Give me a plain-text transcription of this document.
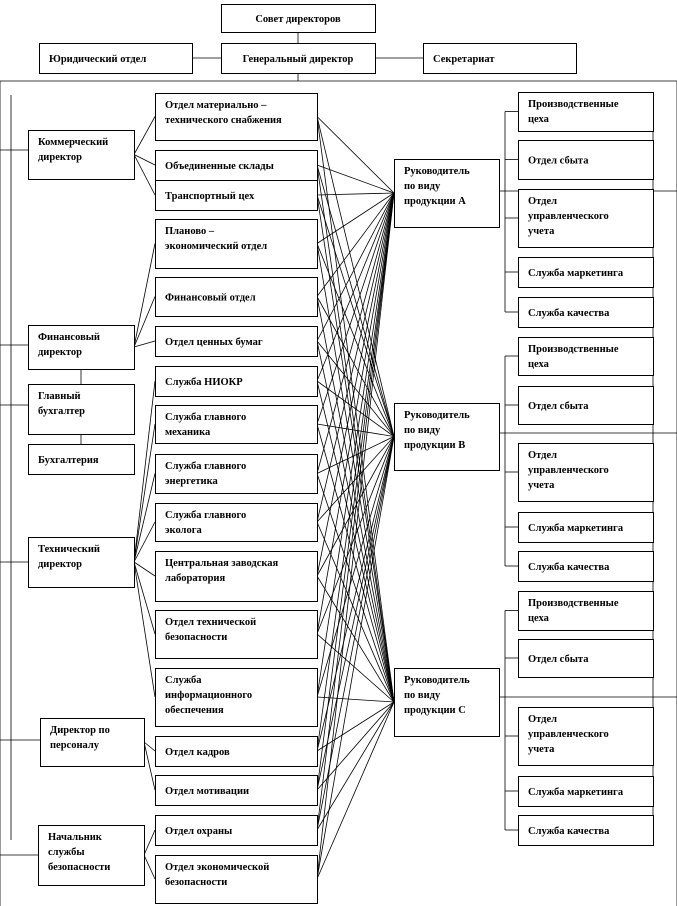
Совет директоров
Генеральный директор
Юридический отдел	Секретариат
Коммерческий
директор
Финансовый
директор
Главный
бухгалтер
Бухгалтерия
Технический
директор
Директор по
персоналу
Начальник
службы
безопасности
Отдел материально –
технического снабжения
Объединенные склады
Транспортный цех
Планово –
экономический отдел
Финансовый отдел
Отдел ценных бумаг
Служба НИОКР
Служба главного
механика
Служба главного
энергетика
Служба главного
эколога
Центральная заводская
лаборатория
Отдел технической
безопасности
Служба
информационного
обеспечения
Отдел кадров
Отдел мотивации
Отдел охраны
Отдел экономической
безопасности
Руководитель
по виду
продукции А
Руководитель
по виду
продукции В
Руководитель
по виду
продукции С
Производственные
цеха
Отдел сбыта
Отдел
управленческого
учета
Служба маркетинга
Служба качества
Производственные
цеха
Отдел сбыта
Отдел
управленческого
учета
Служба маркетинга
Служба качества
Производственные
цеха
Отдел сбыта
Отдел
управленческого
учета
Служба маркетинга
Служба качества
